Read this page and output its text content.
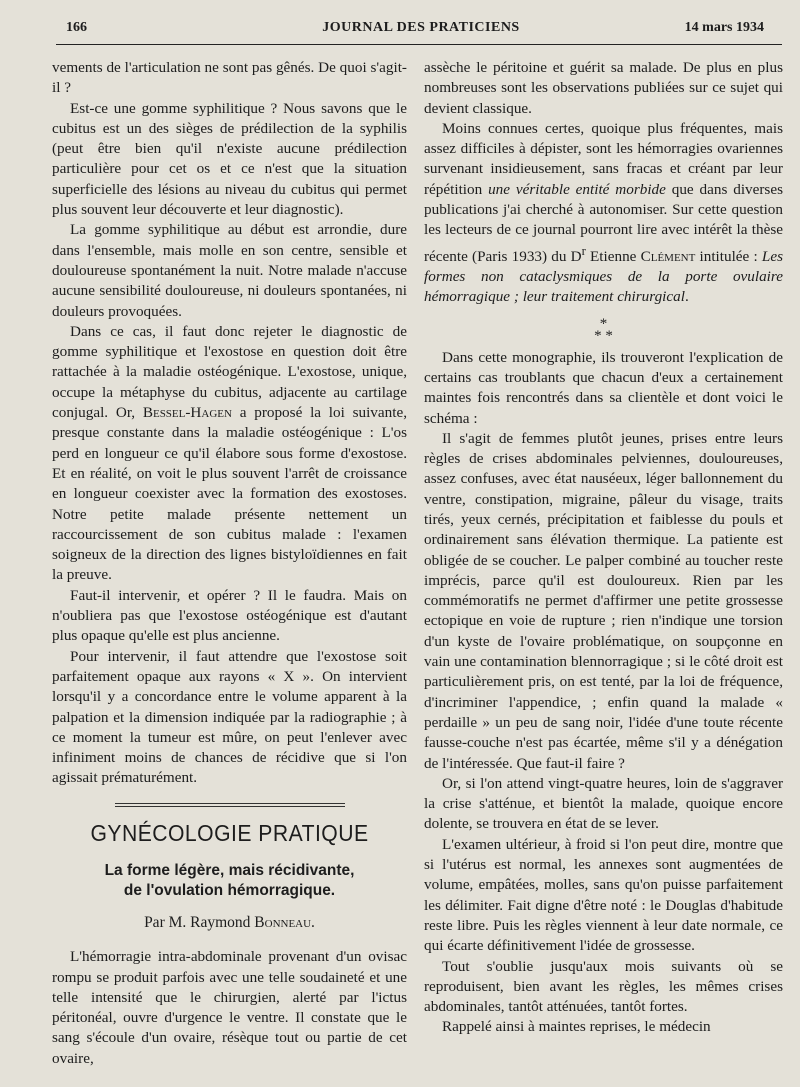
166	JOURNAL DES PRATICIENS	14 mars 1934

vements de l'articulation ne sont pas gênés. De quoi s'agit-il ?

Est-ce une gomme syphilitique ? Nous savons que le cubitus est un des sièges de prédilection de la syphilis (peut être bien qu'il n'existe aucune prédilection particulière pour cet os et ce n'est que la situation superficielle des lésions au niveau du cubitus qui permet plus souvent leur découverte et leur diagnostic).

La gomme syphilitique au début est arrondie, dure dans l'ensemble, mais molle en son centre, sensible et douloureuse spontanément la nuit. Notre malade n'accuse aucune sensibilité douloureuse, ni douleurs spontanées, ni douleurs provoquées.

Dans ce cas, il faut donc rejeter le diagnostic de gomme syphilitique et l'exostose en question doit être rattachée à la maladie ostéogénique. L'exostose, unique, occupe la métaphyse du cubitus, adjacente au cartilage conjugal. Or, Bessel-Hagen a proposé la loi suivante, presque constante dans la maladie ostéogénique : L'os perd en longueur ce qu'il élabore sous forme d'exostose. Et en réalité, on voit le plus souvent l'arrêt de croissance en longueur coexister avec la formation des exostoses. Notre petite malade présente nettement un raccourcissement de son cubitus malade : l'examen soigneux de la direction des lignes bistyloïdiennes en fait la preuve.

Faut-il intervenir, et opérer ? Il le faudra. Mais on n'oubliera pas que l'exostose ostéogénique est d'autant plus opaque qu'elle est plus ancienne.

Pour intervenir, il faut attendre que l'exostose soit parfaitement opaque aux rayons « X ». On intervient lorsqu'il y a concordance entre le volume apparent à la palpation et la dimension indiquée par la radiographie ; à ce moment la tumeur est mûre, on peut l'enlever avec infiniment moins de chances de récidive que si l'on agissait prématurément.

GYNÉCOLOGIE PRATIQUE
La forme légère, mais récidivante,
de l'ovulation hémorragique.
Par M. Raymond Bonneau.

L'hémorragie intra-abdominale provenant d'un ovisac rompu se produit parfois avec une telle soudaineté et une telle intensité que le chirurgien, alerté par l'ictus péritonéal, ouvre d'urgence le ventre. Il constate que le sang s'écoule d'un ovaire, résèque tout ou partie de cet ovaire,

assèche le péritoine et guérit sa malade. De plus en plus nombreuses sont les observations publiées sur ce sujet qui devient classique.

Moins connues certes, quoique plus fréquentes, mais assez difficiles à dépister, sont les hémorragies ovariennes survenant insidieusement, sans fracas et créant par leur répétition une véritable entité morbide que dans diverses publications j'ai cherché à autonomiser. Sur cette question les lecteurs de ce journal pourront lire avec intérêt la thèse récente (Paris 1933) du $D^r$ Etienne Clément intitulée : Les formes non cataclysmiques de la porte ovulaire hémorragique ; leur traitement chirurgical.

*
* *

Dans cette monographie, ils trouveront l'explication de certains cas troublants que chacun d'eux a certainement maintes fois rencontrés dans sa clientèle et dont voici le schéma :

Il s'agit de femmes plutôt jeunes, prises entre leurs règles de crises abdominales pelviennes, douloureuses, assez confuses, avec état nauséeux, léger ballonnement du ventre, constipation, migraine, pâleur du visage, traits tirés, yeux cernés, précipitation et faiblesse du pouls et ordinairement sans élévation thermique. La patiente est obligée de se coucher. Le palper combiné au toucher reste imprécis, parce qu'il est douloureux. Rien par les commémoratifs ne permet d'affirmer une petite grossesse ectopique en voie de rupture ; rien n'indique une torsion d'un kyste de l'ovaire problématique, on soupçonne en vain une contamination blennorragique ; si le côté droit est particulièrement pris, on est tenté, par la loi de fréquence, d'incriminer l'appendice, ; enfin quand la malade « perdaille » un peu de sang noir, l'idée d'une toute récente fausse-couche n'est pas écartée, même s'il y a dénégation de l'intéressée. Que faut-il faire ?

Or, si l'on attend vingt-quatre heures, loin de s'aggraver la crise s'atténue, et bientôt la malade, quoique encore dolente, se trouvera en état de se lever.

L'examen ultérieur, à froid si l'on peut dire, montre que si l'utérus est normal, les annexes sont augmentées de volume, empâtées, molles, sans qu'on puisse parfaitement les délimiter. Fait digne d'être noté : le Douglas d'habitude reste libre. Puis les règles viennent à leur date normale, ce qui écarte définitivement l'idée de grossesse.

Tout s'oublie jusqu'aux mois suivants où se reproduisent, bien avant les règles, les mêmes crises abdominales, tantôt atténuées, tantôt fortes.

Rappelé ainsi à maintes reprises, le médecin
